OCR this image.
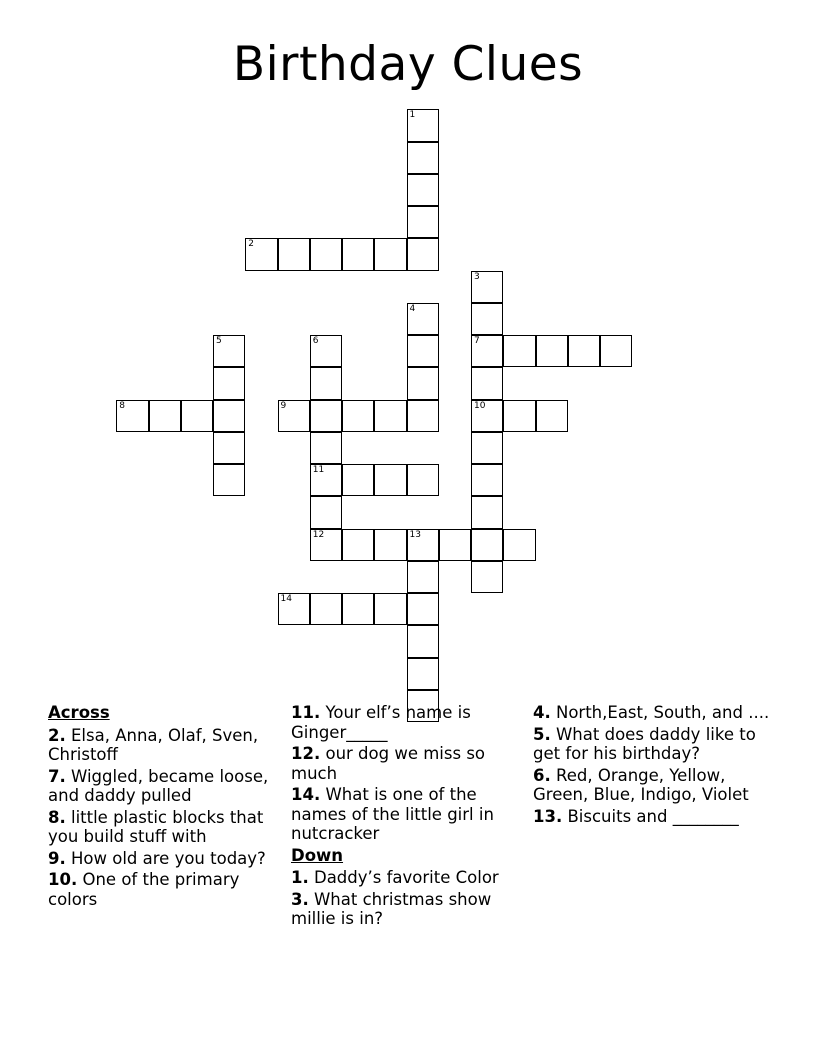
Birthday Clues
1
2
3
7
10
4
5	6
11
12
8	9
13
14
Across
2. Elsa, Anna, Olaf, Sven, Christoff
7. Wiggled, became loose, and daddy pulled
8. little plastic blocks that you build stuff with
9. How old are you today?
10. One of the primary colors
11. Your elf’s name is Ginger_____
12. our dog we miss so much
14. What is one of the names of the little girl in nutcracker
Down
1. Daddy’s favorite Color
3. What christmas show millie is in?
4. North,East, South, and ....
5. What does daddy like to get for his birthday?
6. Red, Orange, Yellow, Green, Blue, Indigo, Violet
13. Biscuits and ________
